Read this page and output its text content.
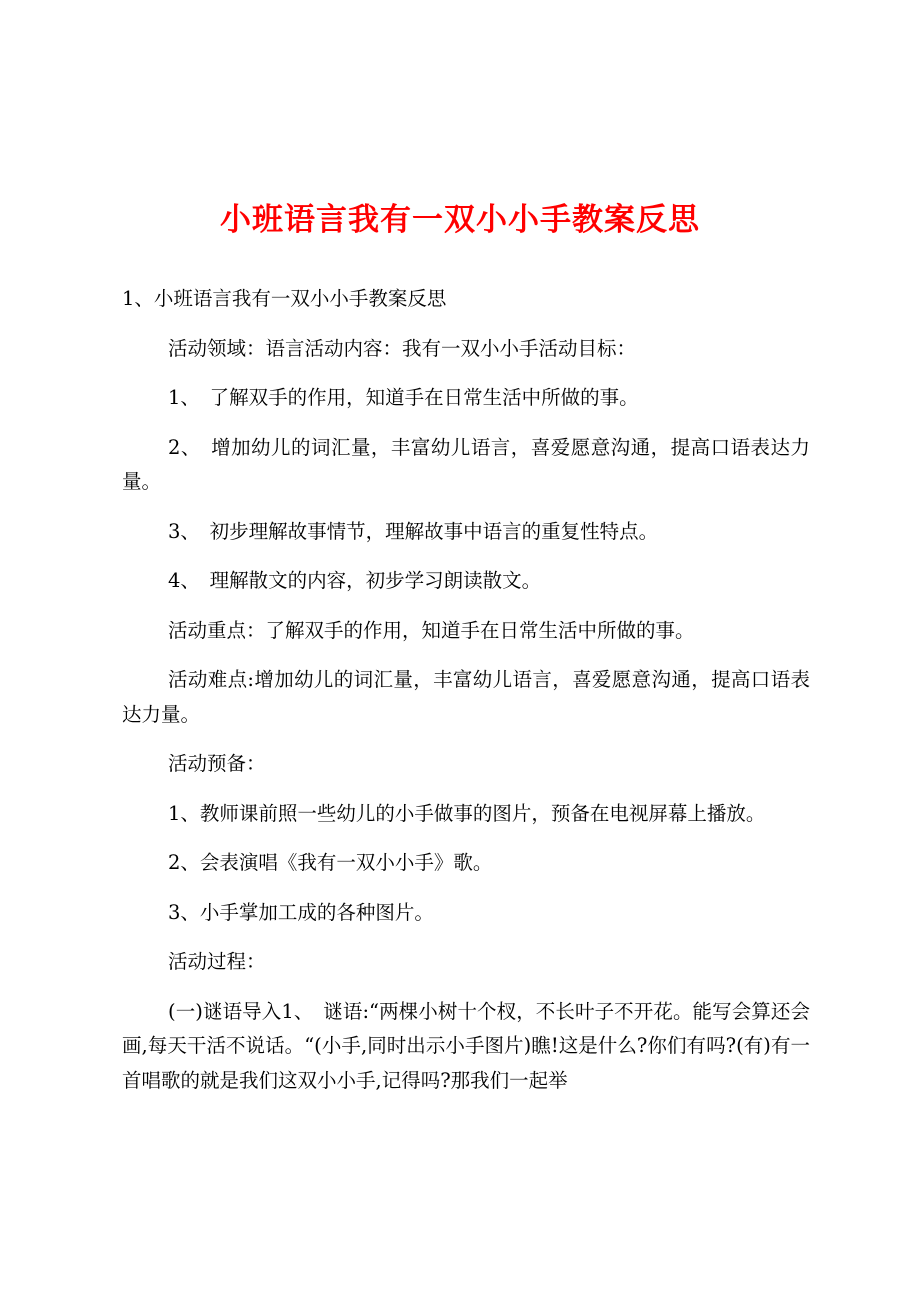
小班语言我有一双小小手教案反思

1、小班语言我有一双小小手教案反思

活动领域：语言活动内容：我有一双小小手活动目标：

1、　了解双手的作用，知道手在日常生活中所做的事。

2、　增加幼儿的词汇量，丰富幼儿语言，喜爱愿意沟通，提高口语表达力量。

3、　初步理解故事情节，理解故事中语言的重复性特点。

4、　理解散文的内容，初步学习朗读散文。

活动重点：了解双手的作用，知道手在日常生活中所做的事。

活动难点:增加幼儿的词汇量，丰富幼儿语言，喜爱愿意沟通，提高口语表达力量。

活动预备：

1、教师课前照一些幼儿的小手做事的图片，预备在电视屏幕上播放。

2、会表演唱《我有一双小小手》歌。

3、小手掌加工成的各种图片。

活动过程：

(一)谜语导入1、　谜语:“两棵小树十个杈，不长叶子不开花。能写会算还会画,每天干活不说话。“(小手,同时出示小手图片)瞧!这是什么?你们有吗?(有)有一首唱歌的就是我们这双小小手,记得吗?那我们一起举
